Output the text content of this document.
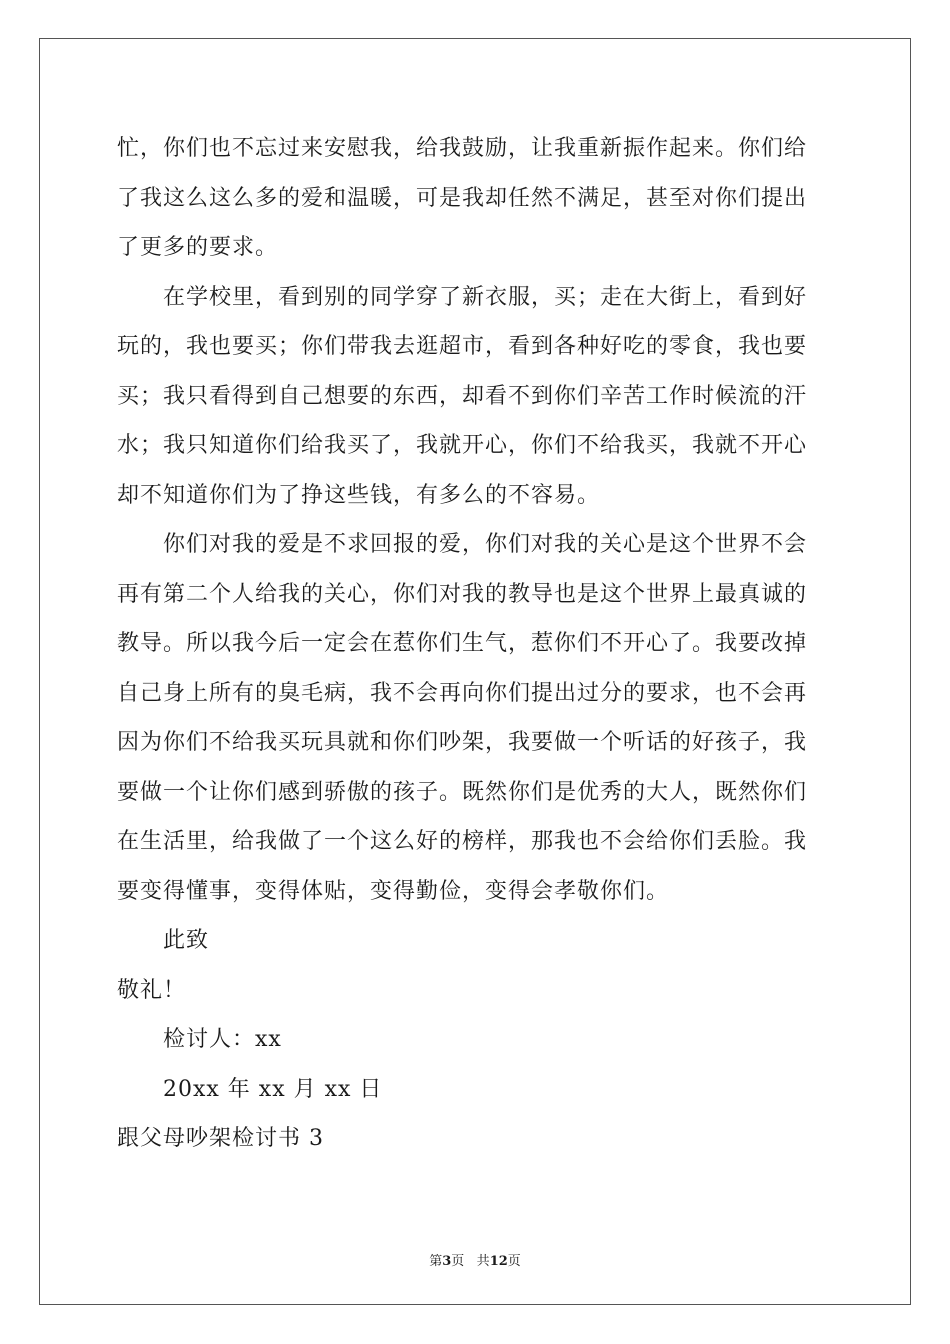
忙，你们也不忘过来安慰我，给我鼓励，让我重新振作起来。你们给
了我这么这么多的爱和温暖，可是我却任然不满足，甚至对你们提出
了更多的要求。
在学校里，看到别的同学穿了新衣服，买；走在大街上，看到好
玩的，我也要买；你们带我去逛超市，看到各种好吃的零食，我也要
买；我只看得到自己想要的东西，却看不到你们辛苦工作时候流的汗
水；我只知道你们给我买了，我就开心，你们不给我买，我就不开心
却不知道你们为了挣这些钱，有多么的不容易。
你们对我的爱是不求回报的爱，你们对我的关心是这个世界不会
再有第二个人给我的关心，你们对我的教导也是这个世界上最真诚的
教导。所以我今后一定会在惹你们生气，惹你们不开心了。我要改掉
自己身上所有的臭毛病，我不会再向你们提出过分的要求，也不会再
因为你们不给我买玩具就和你们吵架，我要做一个听话的好孩子，我
要做一个让你们感到骄傲的孩子。既然你们是优秀的大人，既然你们
在生活里，给我做了一个这么好的榜样，那我也不会给你们丢脸。我
要变得懂事，变得体贴，变得勤俭，变得会孝敬你们。
此致
敬礼！
检讨人：xx
20xx 年 xx 月 xx 日
跟父母吵架检讨书 3
第3页 共12页
